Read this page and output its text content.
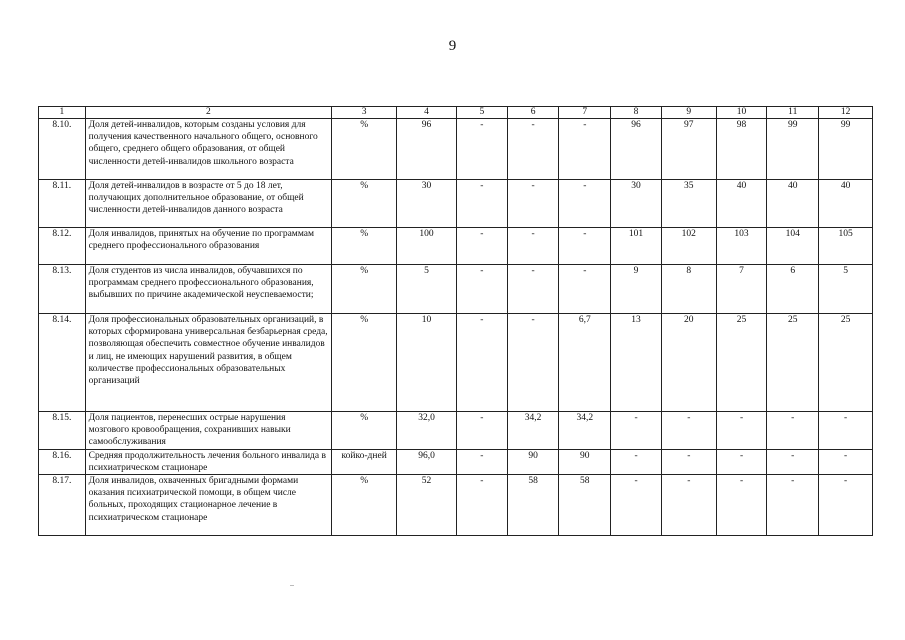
9
1	2	3	4	5	6	7	8	9	10	11	12
8.10.	Доля детей-инвалидов, которым созданы условия для получения качественного начального общего, основного общего, среднего общего образования, от общей численности детей-инвалидов школьного возраста	%	96	-	-	-	96	97	98	99	99
8.11.	Доля детей-инвалидов в возрасте от 5 до 18 лет, получающих дополнительное образование, от общей численности детей-инвалидов данного возраста	%	30	-	-	-	30	35	40	40	40
8.12.	Доля инвалидов, принятых на обучение по программам среднего профессионального образования	%	100	-	-	-	101	102	103	104	105
8.13.	Доля студентов из числа инвалидов, обучавшихся по программам среднего профессионального образования, выбывших по причине академической неуспеваемости;	%	5	-	-	-	9	8	7	6	5
8.14.	Доля профессиональных образовательных организаций, в которых сформирована универсальная безбарьерная среда, позволяющая обеспечить совместное обучение инвалидов и лиц, не имеющих нарушений развития, в общем количестве профессиональных образовательных организаций	%	10	-	-	6,7	13	20	25	25	25
8.15.	Доля пациентов, перенесших острые нарушения мозгового кровообращения, сохранивших навыки самообслуживания	%	32,0	-	34,2	34,2	-	-	-	-	-
8.16.	Средняя продолжительность лечения больного инвалида в психиатрическом стационаре	койко-дней	96,0	-	90	90	-	-	-	-	-
8.17.	Доля инвалидов, охваченных бригадными формами оказания психиатрической помощи, в общем числе больных, проходящих стационарное лечение в психиатрическом стационаре	%	52	-	58	58	-	-	-	-	-
